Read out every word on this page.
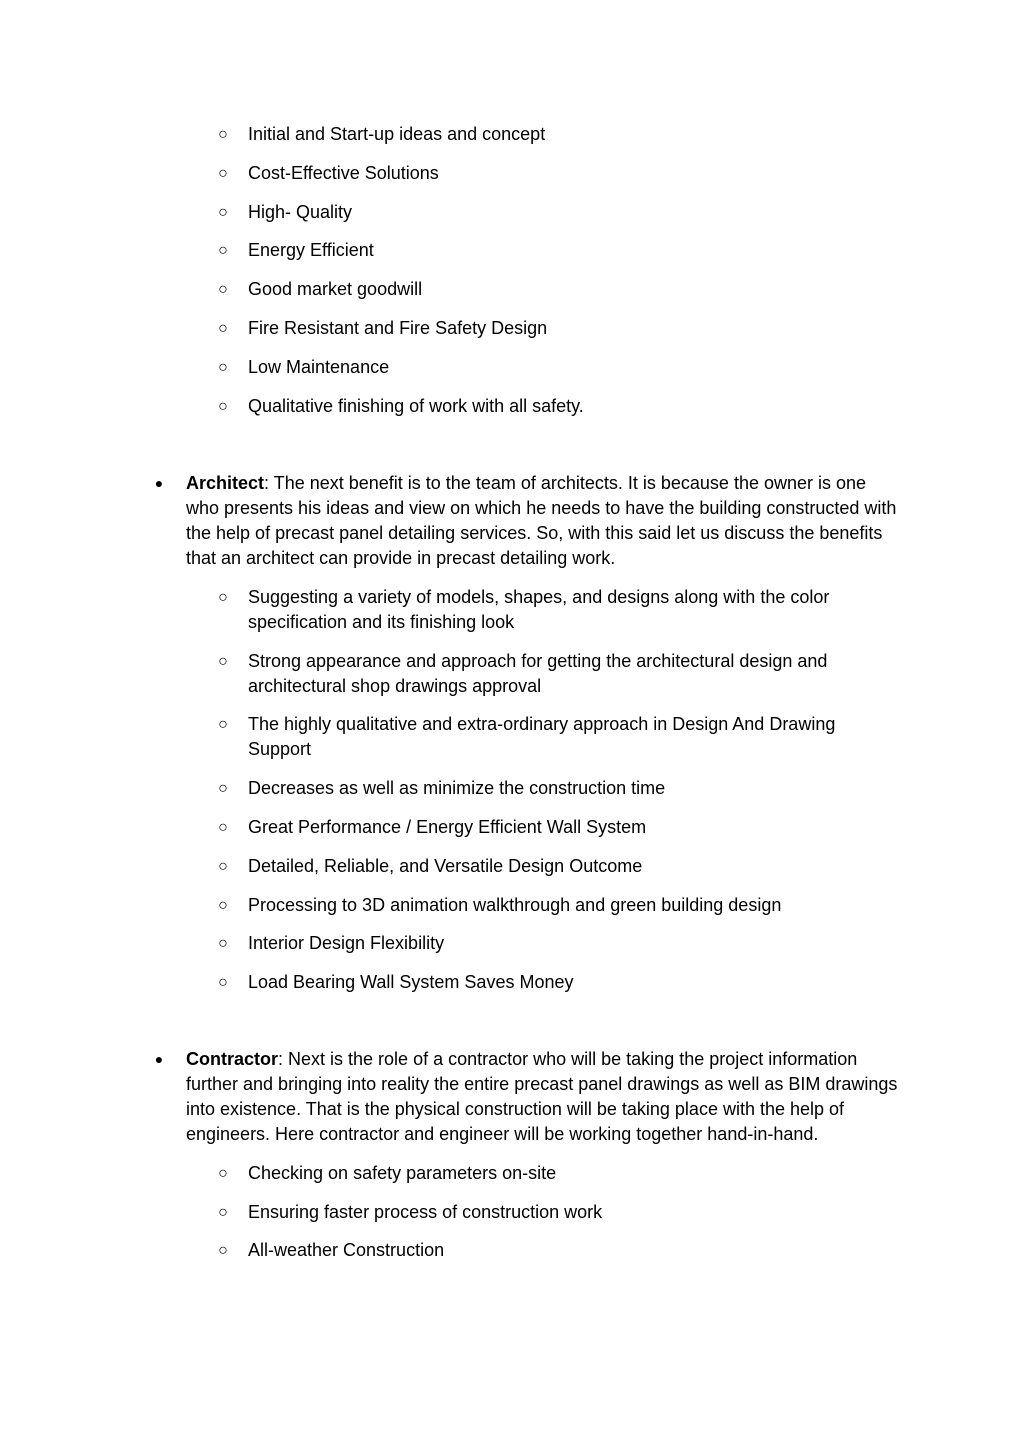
○ Initial and Start-up ideas and concept
○ Cost-Effective Solutions
○ High- Quality
○ Energy Efficient
○ Good market goodwill
○ Fire Resistant and Fire Safety Design
○ Low Maintenance
○ Qualitative finishing of work with all safety.
● Architect: The next benefit is to the team of architects. It is because the owner is one who presents his ideas and view on which he needs to have the building constructed with the help of precast panel detailing services. So, with this said let us discuss the benefits that an architect can provide in precast detailing work.
○ Suggesting a variety of models, shapes, and designs along with the color specification and its finishing look
○ Strong appearance and approach for getting the architectural design and architectural shop drawings approval
○ The highly qualitative and extra-ordinary approach in Design And Drawing Support
○ Decreases as well as minimize the construction time
○ Great Performance / Energy Efficient Wall System
○ Detailed, Reliable, and Versatile Design Outcome
○ Processing to 3D animation walkthrough and green building design
○ Interior Design Flexibility
○ Load Bearing Wall System Saves Money
● Contractor: Next is the role of a contractor who will be taking the project information further and bringing into reality the entire precast panel drawings as well as BIM drawings into existence. That is the physical construction will be taking place with the help of engineers. Here contractor and engineer will be working together hand-in-hand.
○ Checking on safety parameters on-site
○ Ensuring faster process of construction work
○ All-weather Construction
